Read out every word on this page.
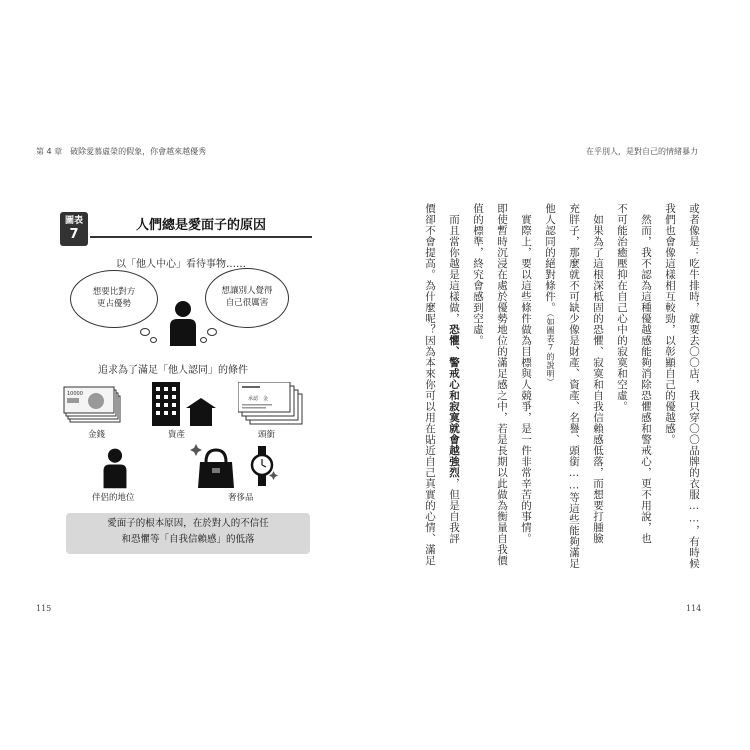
第 4 章　破除愛慕虛榮的假象，你會越來越優秀	在乎別人，是對自己的情緒暴力
圖表
7
人們總是愛面子的原因
以「他人中心」看待事物……
想要比對方
更占優勢
想讓別人覺得
自己很厲害
追求為了滿足「他人認同」的條件
10000
金錢	資產
承認　金
頭銜
伴侶的地位	奢侈品
愛面子的根本原因，在於對人的不信任
和恐懼等「自我信賴感」的低落
115
或者像是：吃牛排時，就要去〇〇店，我只穿〇〇品牌的衣服……，有時候
我們也會像這樣相互較勁，以彰顯自己的優越感。
　然而，我不認為這種優越感能夠消除恐懼感和警戒心，更不用說，也
不可能治癒壓抑在自己心中的寂寞和空虛。
　如果為了這根深柢固的恐懼、寂寞和自我信賴感低落，而想要打腫臉
充胖子，那麼就不可缺少像是財產、資產、名譽、頭銜……等這些能夠滿足
他人認同的絕對條件。（如圖表7的說明）
　實際上，要以這些條件做為目標與人競爭，是一件非常辛苦的事情。
即使暫時沉浸在處於優勢地位的滿足感之中，若是長期以此做為衡量自我價
值的標準，終究會感到空虛。
　而且當你越是這樣做，恐懼、警戒心和寂寞就會越強烈，但是自我評
價卻不會提高。為什麼呢？因為本來你可以用在貼近自己真實的心情、滿足
114
